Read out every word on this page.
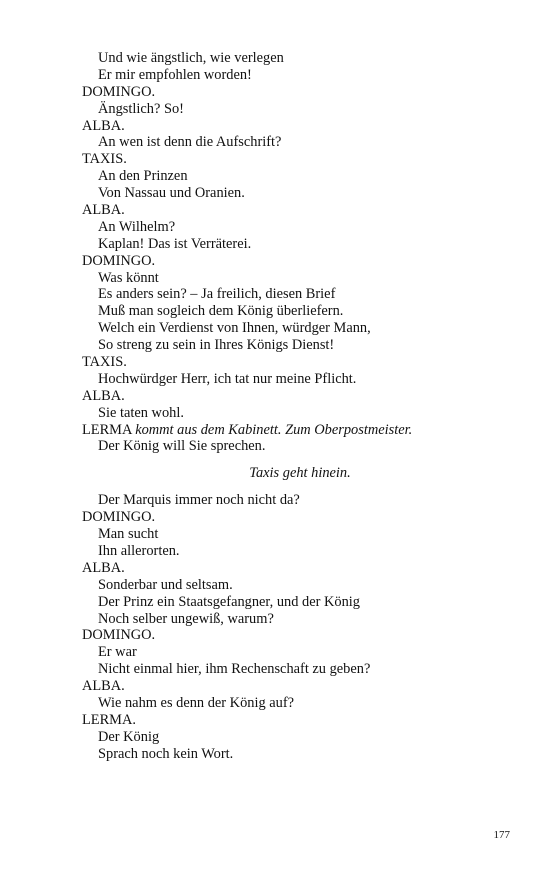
Und wie ängstlich, wie verlegen
Er mir empfohlen worden!
DOMINGO.
Ängstlich? So!
ALBA.
An wen ist denn die Aufschrift?
TAXIS.
An den Prinzen
Von Nassau und Oranien.
ALBA.
An Wilhelm?
Kaplan! Das ist Verräterei.
DOMINGO.
Was könnt
Es anders sein? – Ja freilich, diesen Brief
Muß man sogleich dem König überliefern.
Welch ein Verdienst von Ihnen, würdger Mann,
So streng zu sein in Ihres Königs Dienst!
TAXIS.
Hochwürdger Herr, ich tat nur meine Pflicht.
ALBA.
Sie taten wohl.
LERMA kommt aus dem Kabinett. Zum Oberpostmeister.
Der König will Sie sprechen.
Taxis geht hinein.
Der Marquis immer noch nicht da?
DOMINGO.
Man sucht
Ihn allerorten.
ALBA.
Sonderbar und seltsam.
Der Prinz ein Staatsgefangner, und der König
Noch selber ungewiß, warum?
DOMINGO.
Er war
Nicht einmal hier, ihm Rechenschaft zu geben?
ALBA.
Wie nahm es denn der König auf?
LERMA.
Der König
Sprach noch kein Wort.
177
